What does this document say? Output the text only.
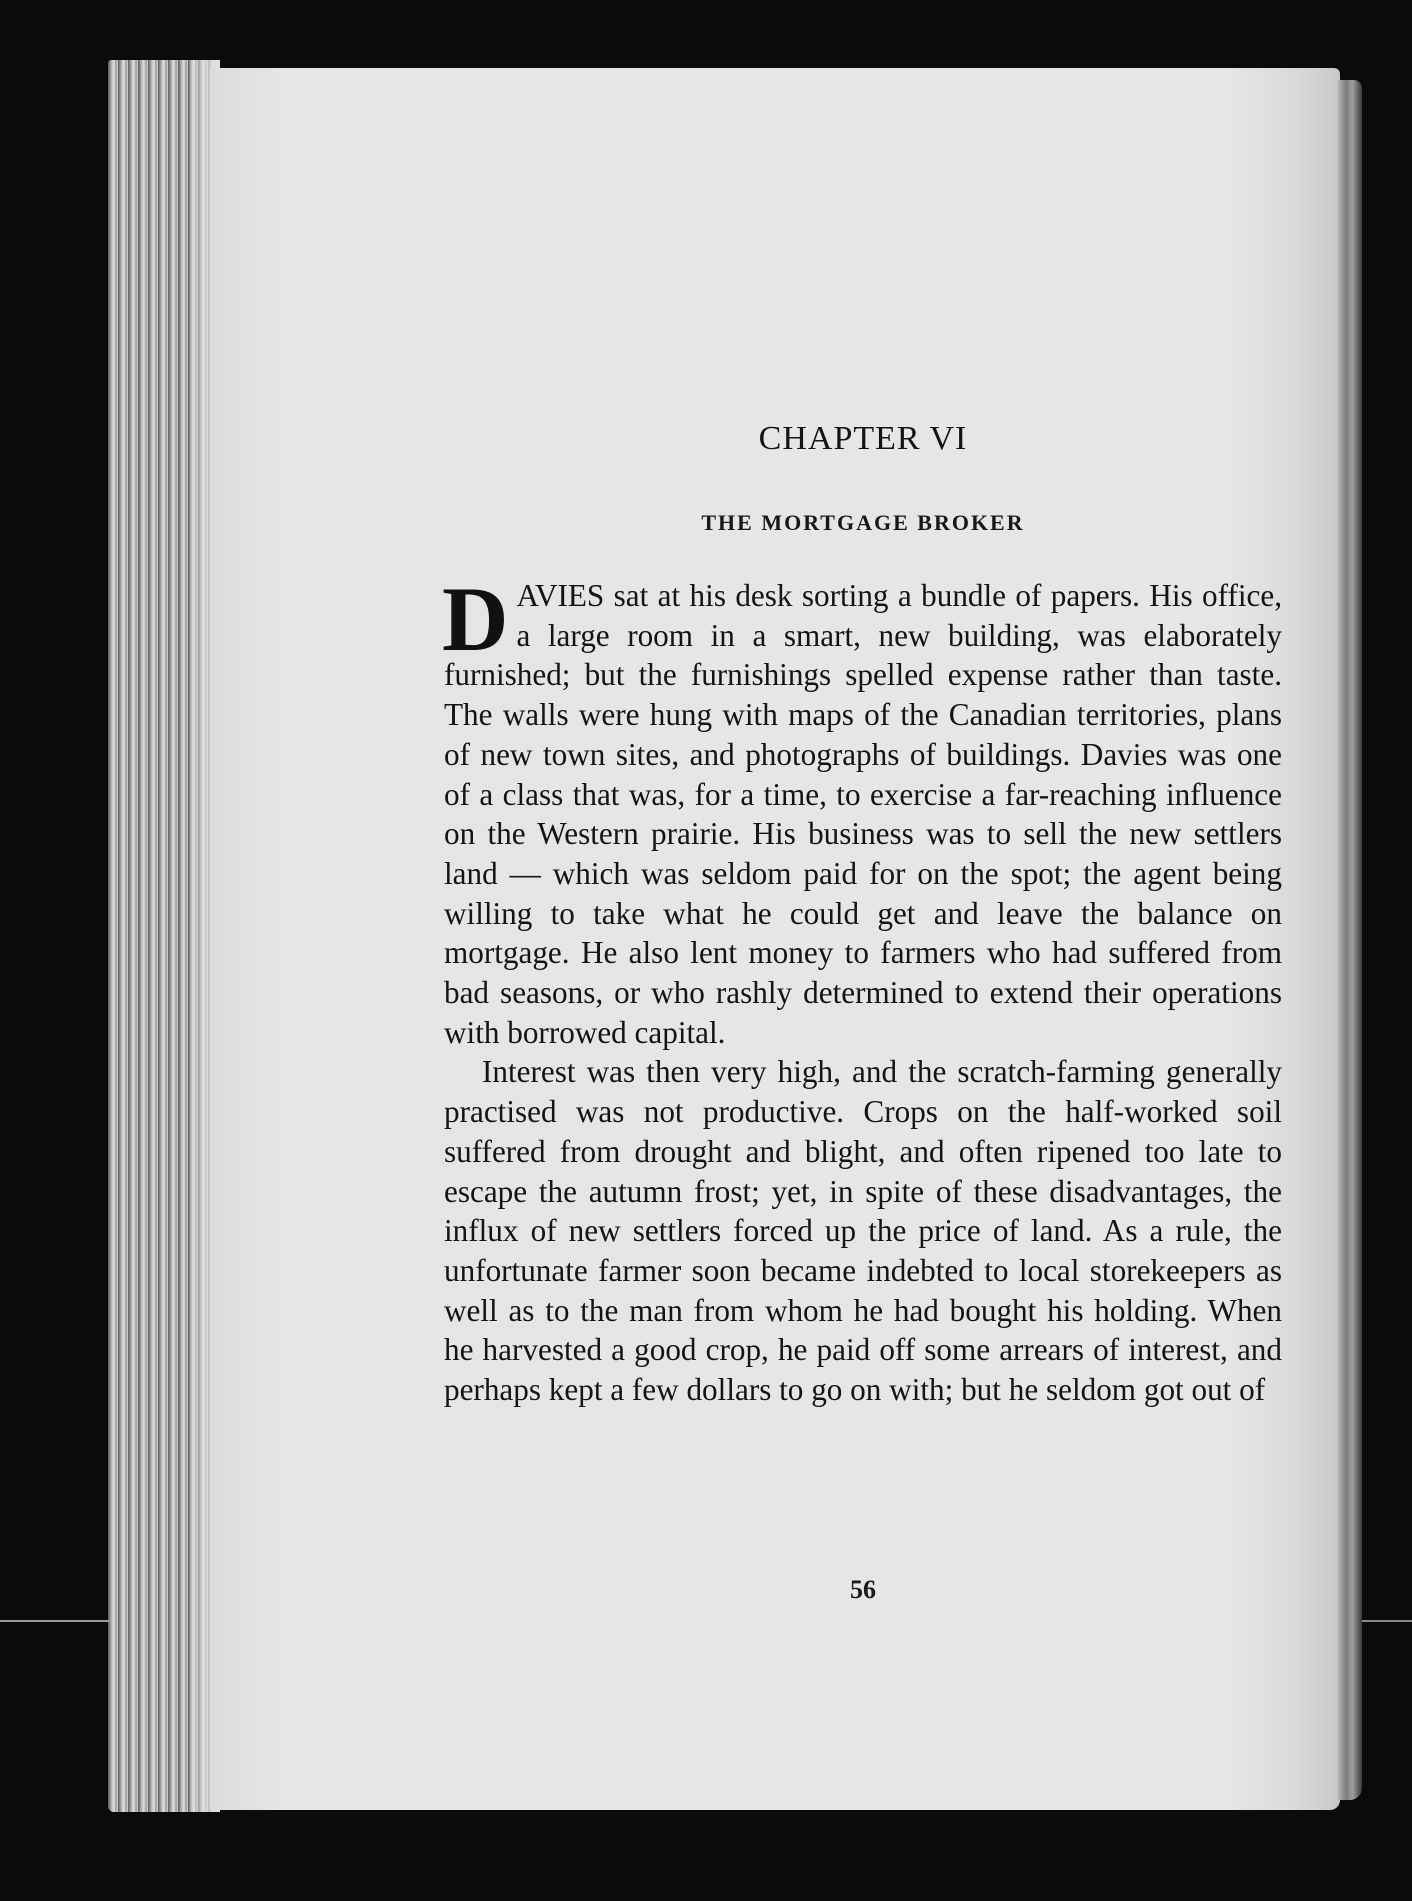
CHAPTER VI
THE MORTGAGE BROKER

DAVIES sat at his desk sorting a bundle of papers. His office, a large room in a smart, new building, was elaborately furnished; but the furnishings spelled expense rather than taste. The walls were hung with maps of the Canadian territories, plans of new town sites, and photographs of buildings. Davies was one of a class that was, for a time, to exercise a far-reaching influence on the Western prairie. His business was to sell the new settlers land — which was seldom paid for on the spot; the agent being willing to take what he could get and leave the balance on mortgage. He also lent money to farmers who had suffered from bad seasons, or who rashly determined to extend their operations with borrowed capital.

Interest was then very high, and the scratch-farming generally practised was not productive. Crops on the half-worked soil suffered from drought and blight, and often ripened too late to escape the autumn frost; yet, in spite of these disadvantages, the influx of new settlers forced up the price of land. As a rule, the unfortunate farmer soon became indebted to local storekeepers as well as to the man from whom he had bought his holding. When he harvested a good crop, he paid off some arrears of interest, and perhaps kept a few dollars to go on with; but he seldom got out of

56
